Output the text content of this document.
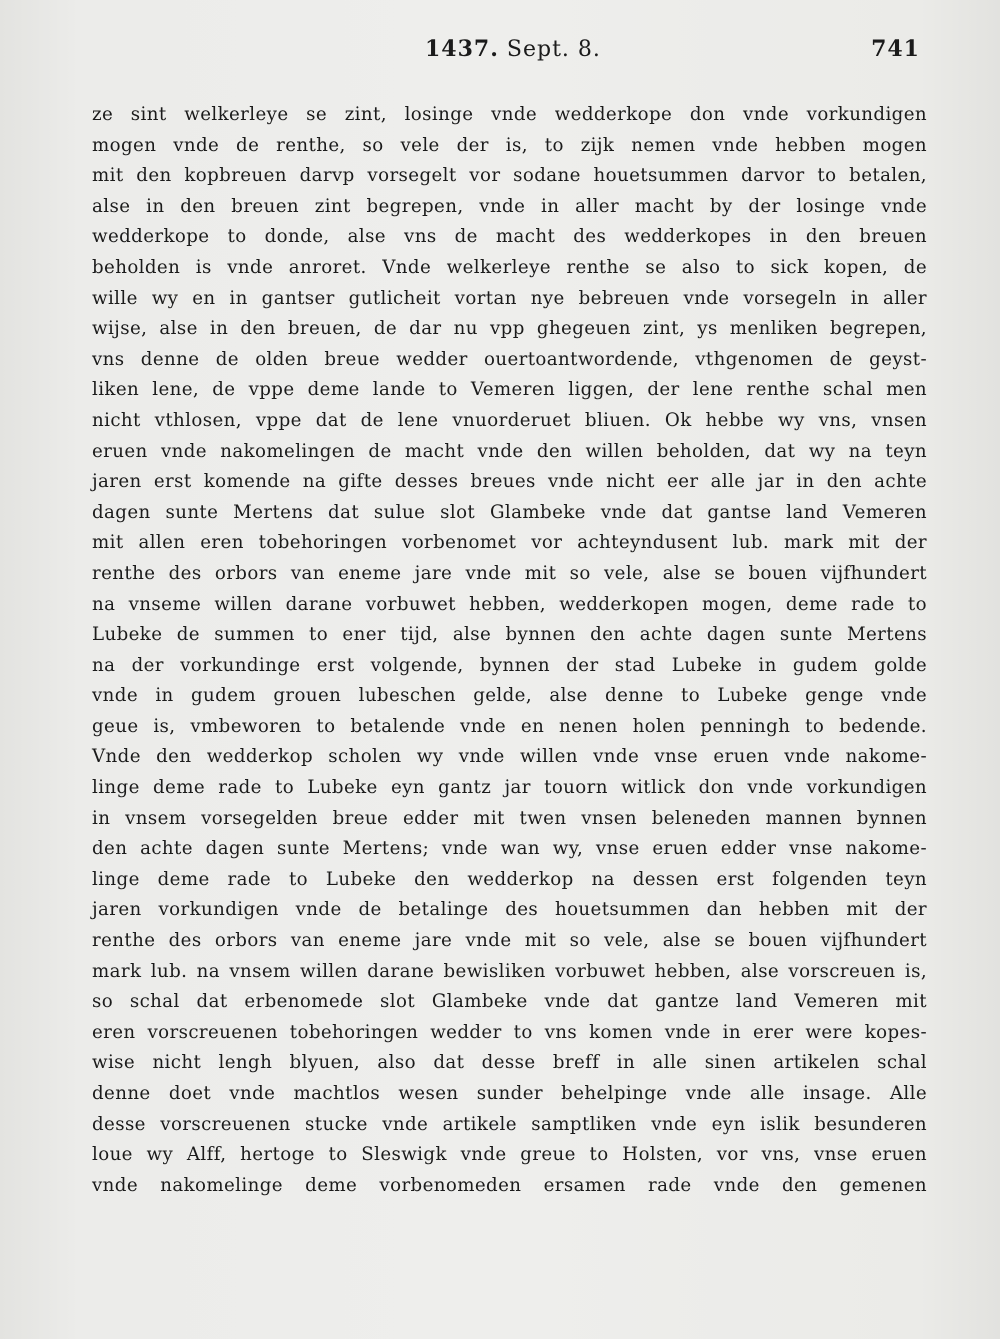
1437. Sept. 8.	741
ze sint welkerleye se zint, losinge vnde wedderkope don vnde vorkundigen
mogen vnde de renthe, so vele der is, to zijk nemen vnde hebben mogen
mit den kopbreuen darvp vorsegelt vor sodane houetsummen darvor to betalen,
alse in den breuen zint begrepen, vnde in aller macht by der losinge vnde
wedderkope to donde, alse vns de macht des wedderkopes in den breuen
beholden is vnde anroret. Vnde welkerleye renthe se also to sick kopen, de
wille wy en in gantser gutlicheit vortan nye bebreuen vnde vorsegeln in aller
wijse, alse in den breuen, de dar nu vpp ghegeuen zint, ys menliken begrepen,
vns denne de olden breue wedder ouertoantwordende, vthgenomen de geyst-
liken lene, de vppe deme lande to Vemeren liggen, der lene renthe schal men
nicht vthlosen, vppe dat de lene vnuorderuet bliuen. Ok hebbe wy vns, vnsen
eruen vnde nakomelingen de macht vnde den willen beholden, dat wy na teyn
jaren erst komende na gifte desses breues vnde nicht eer alle jar in den achte
dagen sunte Mertens dat sulue slot Glambeke vnde dat gantse land Vemeren
mit allen eren tobehoringen vorbenomet vor achteyndusent lub. mark mit der
renthe des orbors van eneme jare vnde mit so vele, alse se bouen vijfhundert
na vnseme willen darane vorbuwet hebben, wedderkopen mogen, deme rade to
Lubeke de summen to ener tijd, alse bynnen den achte dagen sunte Mertens
na der vorkundinge erst volgende, bynnen der stad Lubeke in gudem golde
vnde in gudem grouen lubeschen gelde, alse denne to Lubeke genge vnde
geue is, vmbeworen to betalende vnde en nenen holen penningh to bedende.
Vnde den wedderkop scholen wy vnde willen vnde vnse eruen vnde nakome-
linge deme rade to Lubeke eyn gantz jar touorn witlick don vnde vorkundigen
in vnsem vorsegelden breue edder mit twen vnsen beleneden mannen bynnen
den achte dagen sunte Mertens; vnde wan wy, vnse eruen edder vnse nakome-
linge deme rade to Lubeke den wedderkop na dessen erst folgenden teyn
jaren vorkundigen vnde de betalinge des houetsummen dan hebben mit der
renthe des orbors van eneme jare vnde mit so vele, alse se bouen vijfhundert
mark lub. na vnsem willen darane bewisliken vorbuwet hebben, alse vorscreuen is,
so schal dat erbenomede slot Glambeke vnde dat gantze land Vemeren mit
eren vorscreuenen tobehoringen wedder to vns komen vnde in erer were kopes-
wise nicht lengh blyuen, also dat desse breff in alle sinen artikelen schal
denne doet vnde machtlos wesen sunder behelpinge vnde alle insage. Alle
desse vorscreuenen stucke vnde artikele samptliken vnde eyn islik besunderen
loue wy Alff, hertoge to Sleswigk vnde greue to Holsten, vor vns, vnse eruen
vnde nakomelinge deme vorbenomeden ersamen rade vnde den gemenen
